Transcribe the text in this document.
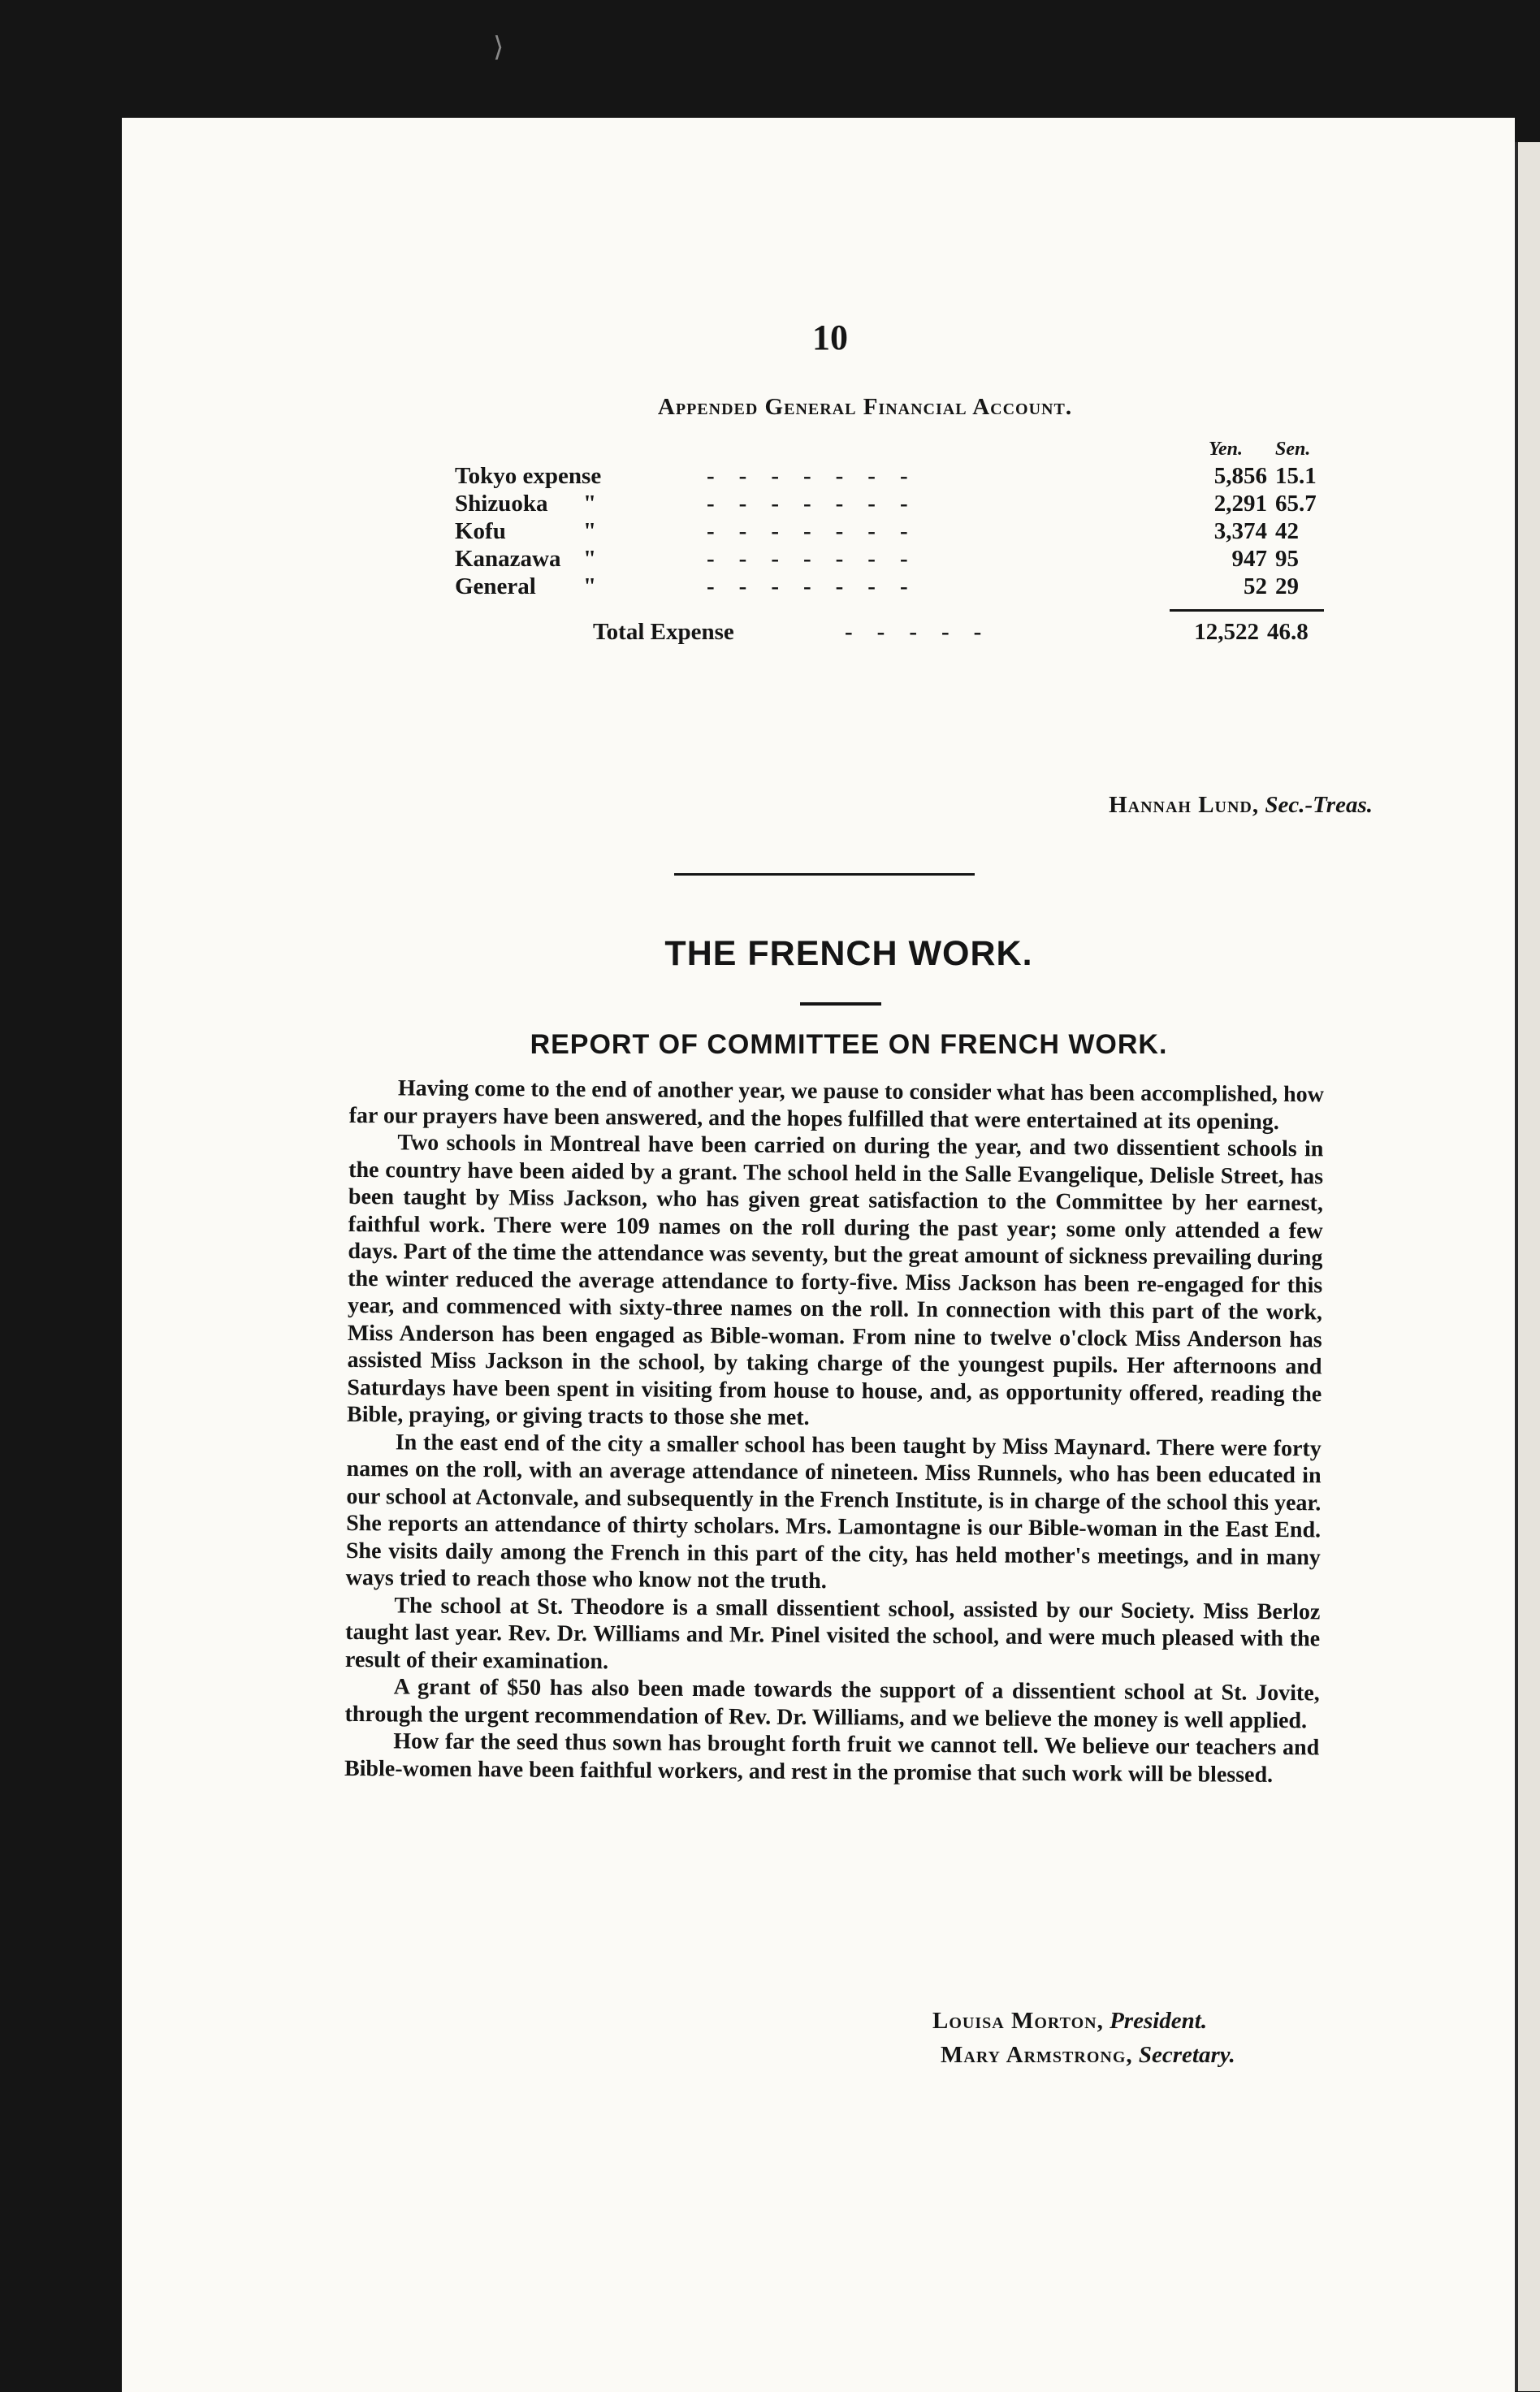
⟩
10
Appended General Financial Account.
Yen. Sen.
Tokyo expense	-------	5,856 15.1
Shizuoka "	-------	2,291 65.7
Kofu	"	-------	3,374 42
Kanazawa "	-------	947 95
General "	-------	52 29
Total Expense	-----	12,522 46.8
Hannah Lund, Sec.-Treas.
THE FRENCH WORK.
REPORT OF COMMITTEE ON FRENCH WORK.

Having come to the end of another year, we pause to consider what has been accomplished, how far our prayers have been answered, and the hopes fulfilled that were entertained at its opening.

Two schools in Montreal have been carried on during the year, and two dissentient schools in the country have been aided by a grant. The school held in the Salle Evangelique, Delisle Street, has been taught by Miss Jackson, who has given great satisfaction to the Committee by her earnest, faithful work. There were 109 names on the roll during the past year; some only attended a few days. Part of the time the attendance was seventy, but the great amount of sickness prevailing during the winter reduced the average attendance to forty-five. Miss Jackson has been re-engaged for this year, and commenced with sixty-three names on the roll. In connection with this part of the work, Miss Anderson has been engaged as Bible-woman. From nine to twelve o'clock Miss Anderson has assisted Miss Jackson in the school, by taking charge of the youngest pupils. Her afternoons and Saturdays have been spent in visiting from house to house, and, as opportunity offered, reading the Bible, praying, or giving tracts to those she met.

In the east end of the city a smaller school has been taught by Miss Maynard. There were forty names on the roll, with an average attendance of nineteen. Miss Runnels, who has been educated in our school at Actonvale, and subsequently in the French Institute, is in charge of the school this year. She reports an attendance of thirty scholars. Mrs. Lamontagne is our Bible-woman in the East End. She visits daily among the French in this part of the city, has held mother's meetings, and in many ways tried to reach those who know not the truth.

The school at St. Theodore is a small dissentient school, assisted by our Society. Miss Berloz taught last year. Rev. Dr. Williams and Mr. Pinel visited the school, and were much pleased with the result of their examination.

A grant of $50 has also been made towards the support of a dissentient school at St. Jovite, through the urgent recommendation of Rev. Dr. Williams, and we believe the money is well applied.

How far the seed thus sown has brought forth fruit we cannot tell. We believe our teachers and Bible-women have been faithful workers, and rest in the promise that such work will be blessed.

Louisa Morton, President.
Mary Armstrong, Secretary.
